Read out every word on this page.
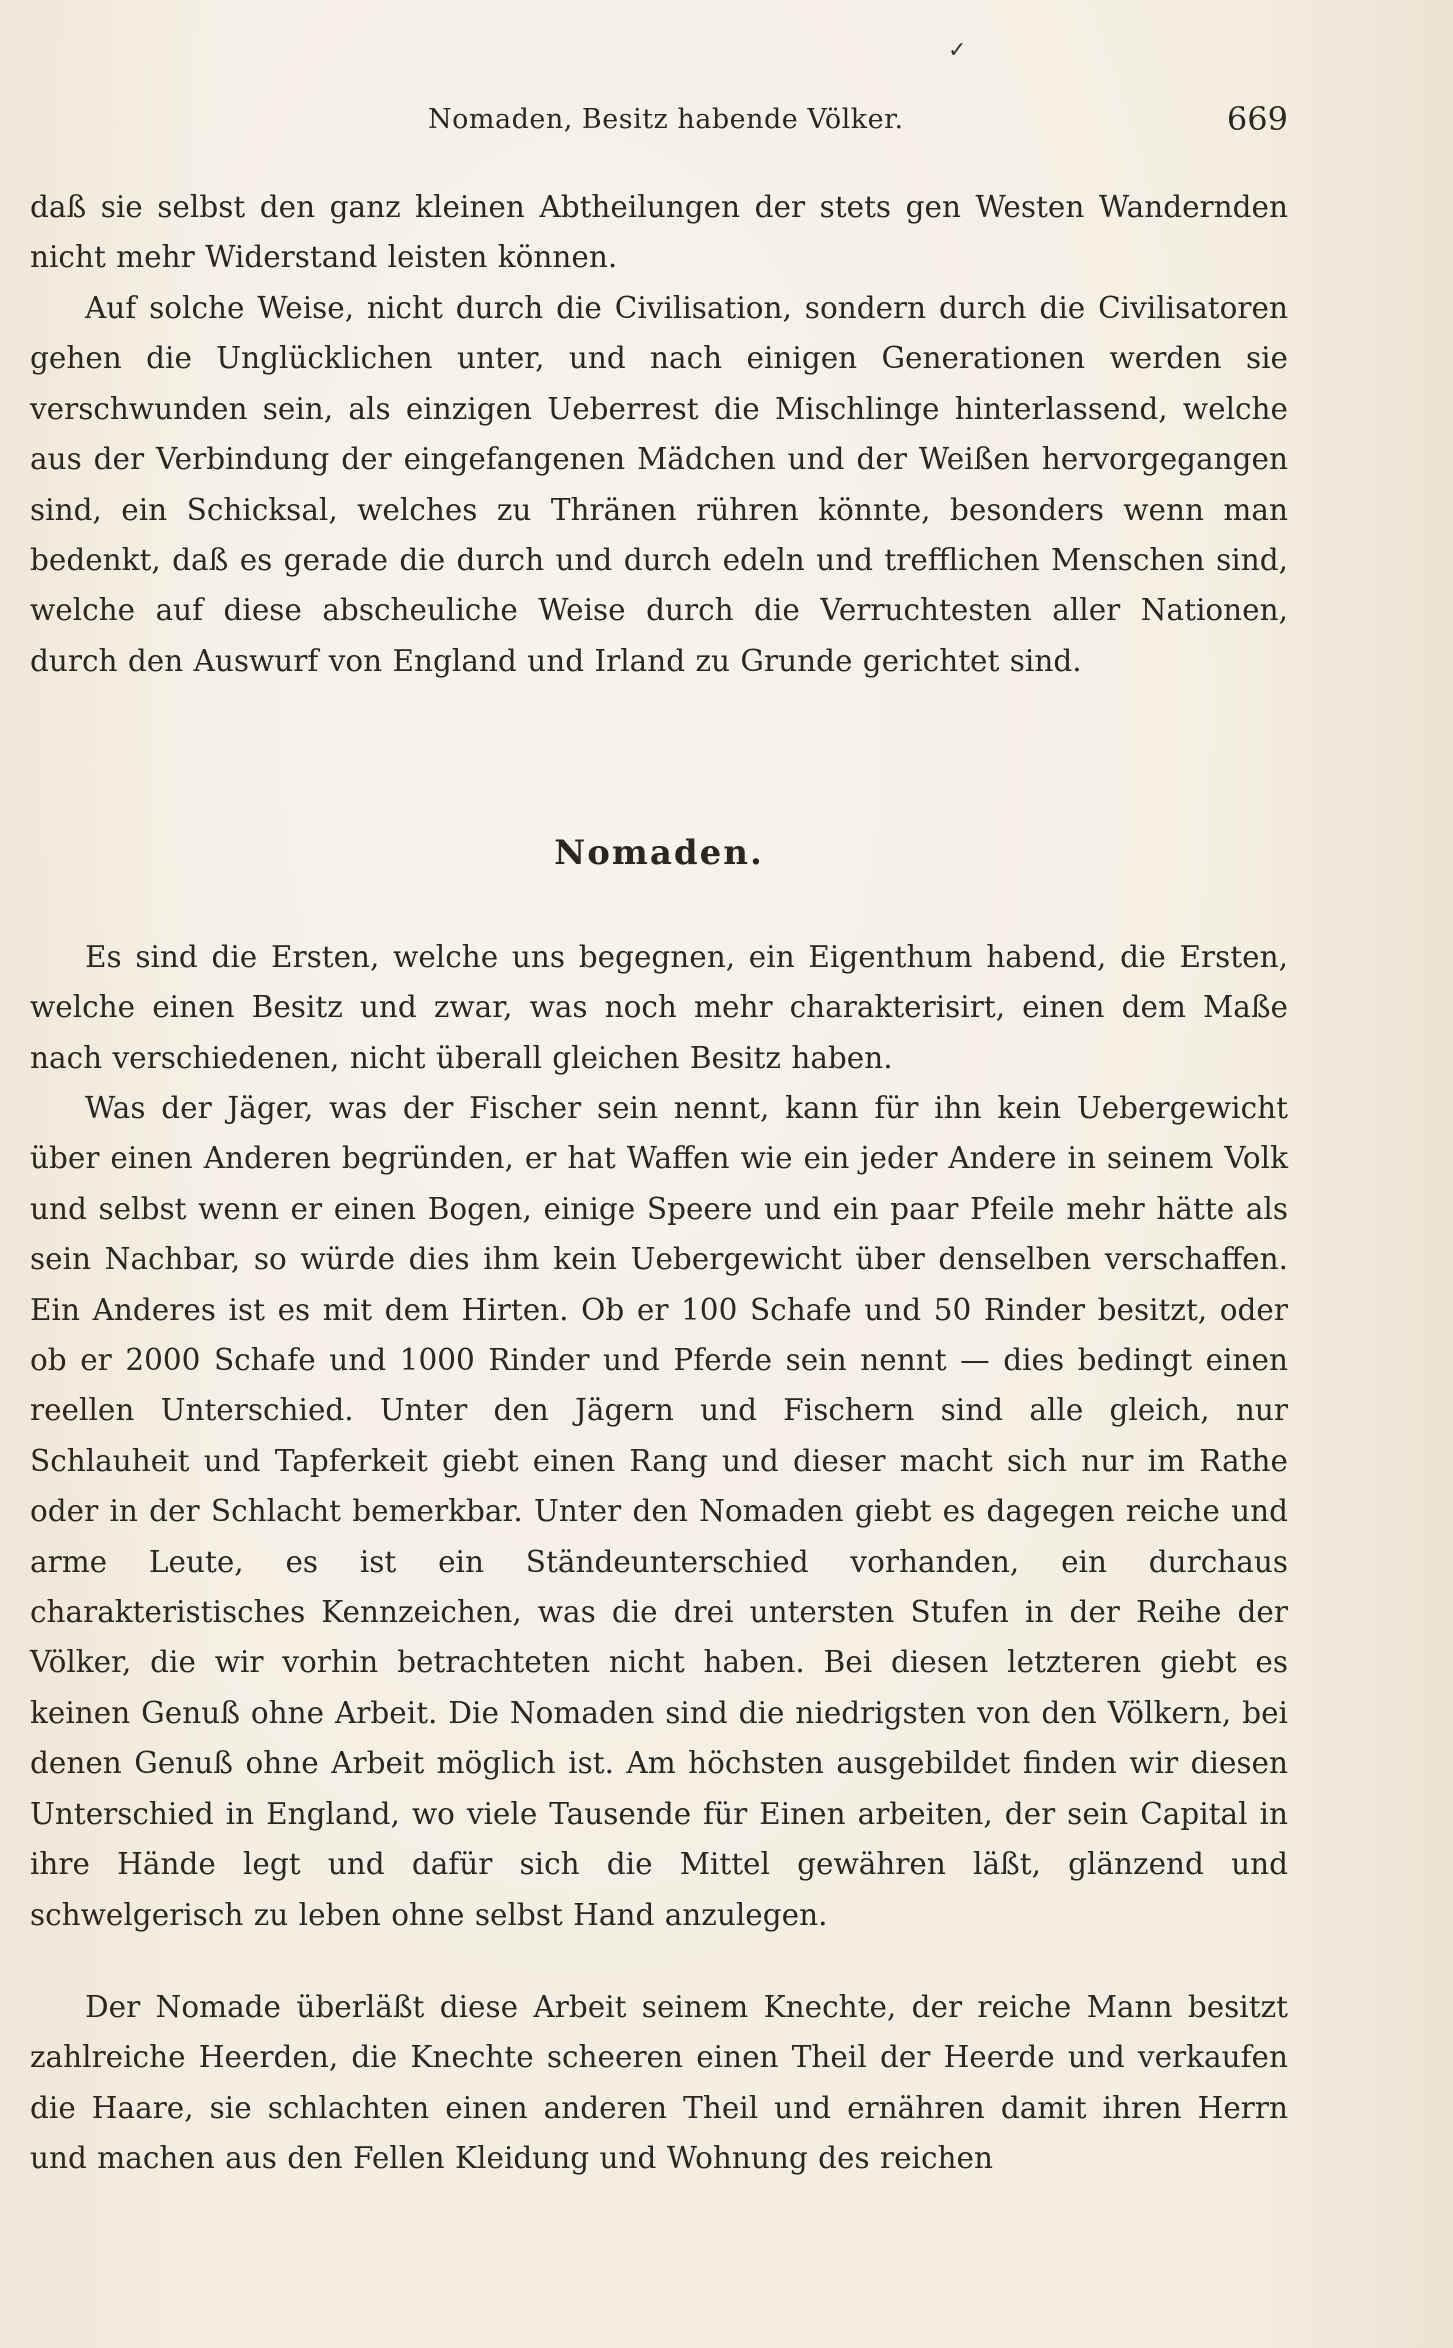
✓
Nomaden, Besitz habende Völker.	669

daß sie selbst den ganz kleinen Abtheilungen der stets gen Westen Wandernden nicht mehr Widerstand leisten können.

Auf solche Weise, nicht durch die Civilisation, sondern durch die Civilisatoren gehen die Unglücklichen unter, und nach einigen Generationen werden sie verschwunden sein, als einzigen Ueberrest die Mischlinge hinterlassend, welche aus der Verbindung der eingefangenen Mädchen und der Weißen hervorgegangen sind, ein Schicksal, welches zu Thränen rühren könnte, besonders wenn man bedenkt, daß es gerade die durch und durch edeln und trefflichen Menschen sind, welche auf diese abscheuliche Weise durch die Verruchtesten aller Nationen, durch den Auswurf von England und Irland zu Grunde gerichtet sind.

Nomaden.

Es sind die Ersten, welche uns begegnen, ein Eigenthum habend, die Ersten, welche einen Besitz und zwar, was noch mehr charakterisirt, einen dem Maße nach verschiedenen, nicht überall gleichen Besitz haben.

Was der Jäger, was der Fischer sein nennt, kann für ihn kein Uebergewicht über einen Anderen begründen, er hat Waffen wie ein jeder Andere in seinem Volk und selbst wenn er einen Bogen, einige Speere und ein paar Pfeile mehr hätte als sein Nachbar, so würde dies ihm kein Uebergewicht über denselben verschaffen. Ein Anderes ist es mit dem Hirten. Ob er 100 Schafe und 50 Rinder besitzt, oder ob er 2000 Schafe und 1000 Rinder und Pferde sein nennt — dies bedingt einen reellen Unterschied. Unter den Jägern und Fischern sind alle gleich, nur Schlauheit und Tapferkeit giebt einen Rang und dieser macht sich nur im Rathe oder in der Schlacht bemerkbar. Unter den Nomaden giebt es dagegen reiche und arme Leute, es ist ein Ständeunterschied vorhanden, ein durchaus charakteristisches Kennzeichen, was die drei untersten Stufen in der Reihe der Völker, die wir vorhin betrachteten nicht haben. Bei diesen letzteren giebt es keinen Genuß ohne Arbeit. Die Nomaden sind die niedrigsten von den Völkern, bei denen Genuß ohne Arbeit möglich ist. Am höchsten ausgebildet finden wir diesen Unterschied in England, wo viele Tausende für Einen arbeiten, der sein Capital in ihre Hände legt und dafür sich die Mittel gewähren läßt, glänzend und schwelgerisch zu leben ohne selbst Hand anzulegen.

Der Nomade überläßt diese Arbeit seinem Knechte, der reiche Mann besitzt zahlreiche Heerden, die Knechte scheeren einen Theil der Heerde und verkaufen die Haare, sie schlachten einen anderen Theil und ernähren damit ihren Herrn und machen aus den Fellen Kleidung und Wohnung des reichen
